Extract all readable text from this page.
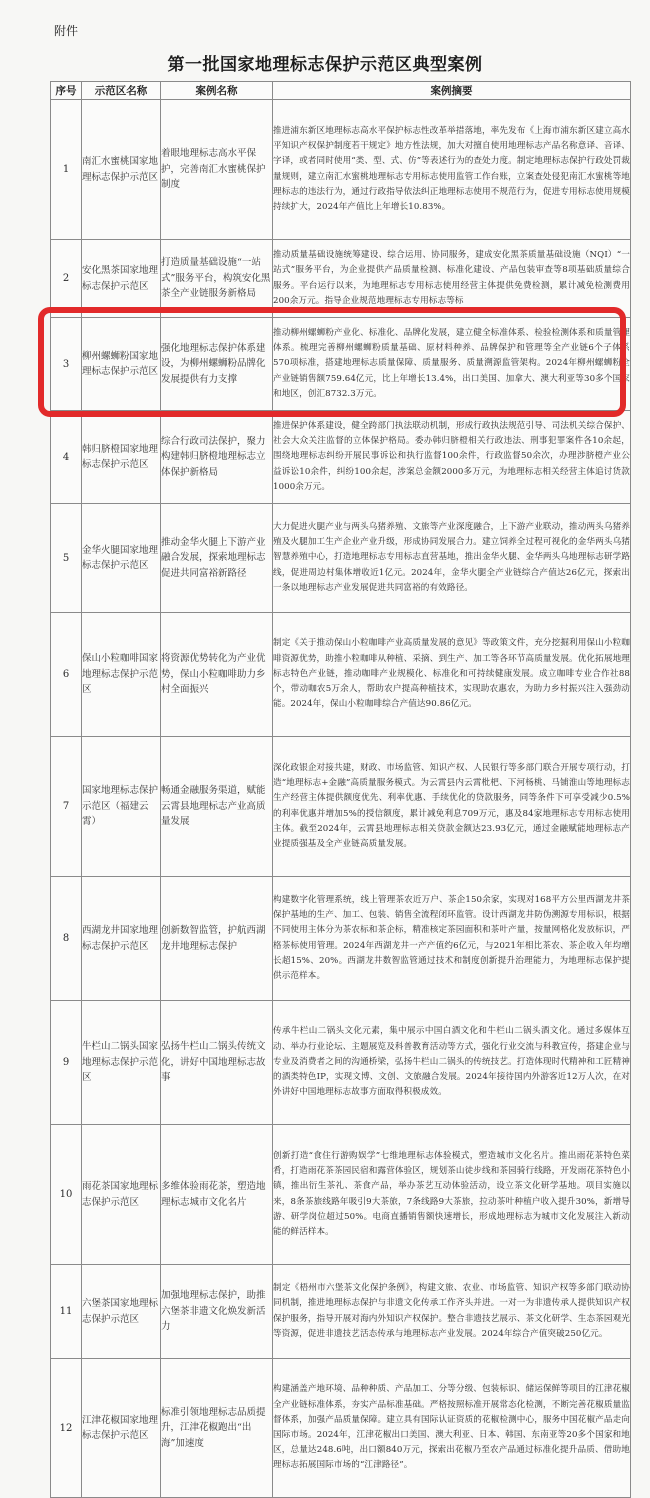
附件
第一批国家地理标志保护示范区典型案例
序号	示范区名称	案例名称	案例摘要
1	南汇水蜜桃国家地理标志保护示范区	着眼地理标志高水平保护，完善南汇水蜜桃保护制度	推进浦东新区地理标志高水平保护标志性改革举措落地，率先发布《上海市浦东新区建立高水平知识产权保护制度若干规定》地方性法规，加大对擅自使用地理标志产品名称意译、音译、字译，或者同时使用“类、型、式、仿”等表述行为的查处力度。制定地理标志保护行政处罚裁量规则，建立南汇水蜜桃地理标志专用标志使用监管工作台账，立案查处侵犯南汇水蜜桃等地理标志的违法行为，通过行政指导依法纠正地理标志使用不规范行为，促进专用标志使用规模持续扩大，2024年产值比上年增长10.83%。
2	安化黑茶国家地理标志保护示范区	打造质量基础设施“一站式”服务平台，构筑安化黑茶全产业链服务新格局	推动质量基础设施统筹建设、综合运用、协同服务，建成安化黑茶质量基础设施（NQI）“一站式”服务平台，为企业提供产品质量检测、标准化建设、产品包装审查等8项基础质量综合服务。平台运行以来，为地理标志专用标志使用经营主体提供免费检测，累计减免检测费用200余万元。指导企业规范地理标志专用标志等标
3	柳州螺蛳粉国家地理标志保护示范区	强化地理标志保护体系建设，为柳州螺蛳粉品牌化发展提供有力支撑	推动柳州螺蛳粉产业化、标准化、品牌化发展，建立健全标准体系、检验检测体系和质量管理体系。梳理完善柳州螺蛳粉质量基础、原材料种养、品牌保护和管理等全产业链6个子体系570项标准，搭建地理标志质量保障、质量服务、质量溯源监管架构。2024年柳州螺蛳粉全产业链销售额759.64亿元，比上年增长13.4%，出口美国、加拿大、澳大利亚等30多个国家和地区，创汇8732.3万元。
4	韩归脐橙国家地理标志保护示范区	综合行政司法保护，聚力构建韩归脐橙地理标志立体保护新格局	推进保护体系建设，健全跨部门执法联动机制，形成行政执法规范引导、司法机关综合保护、社会大众关注监督的立体保护格局。委办韩归脐橙相关行政违法、刑事犯罪案件各10余起，围绕地理标志纠纷开展民事诉讼和执行监督100余件，行政监督50余次，办理涉脐橙产业公益诉讼10余件，纠纷100余起，涉案总金额2000多万元，为地理标志相关经营主体追讨货款1000余万元。
5	金华火腿国家地理标志保护示范区	推动金华火腿上下游产业融合发展，探索地理标志促进共同富裕新路径	大力促进火腿产业与两头乌猪养殖、文旅等产业深度融合，上下游产业联动，推动两头乌猪养殖及火腿加工生产企业产业升级，形成协同发展合力。建立饲养全过程可视化的金华两头乌猪智慧养殖中心，打造地理标志专用标志直营基地，推出金华火腿、金华两头乌地理标志研学路线，促进周边村集体增收近1亿元。2024年，金华火腿全产业链综合产值达26亿元，探索出一条以地理标志产业发展促进共同富裕的有效路径。
6	保山小粒咖啡国家地理标志保护示范区	将资源优势转化为产业优势，保山小粒咖啡助力乡村全面振兴	制定《关于推动保山小粒咖啡产业高质量发展的意见》等政策文件，充分挖掘利用保山小粒咖啡资源优势，助推小粒咖啡从种植、采摘、到生产、加工等各环节高质量发展。优化拓展地理标志特色产业链，推动咖啡产业规模化、标准化和可持续健康发展。成立咖啡专业合作社88个，带动咖农5万余人，帮助农户提高种植技术，实现助农惠农，为助力乡村振兴注入强劲动能。2024年，保山小粒咖啡综合产值达90.86亿元。
7	国家地理标志保护示范区（福建云霄）	畅通金融服务渠道，赋能云霄县地理标志产业高质量发展	深化政银企对接共建，财政、市场监管、知识产权、人民银行等多部门联合开展专项行动，打造“地理标志+金融”高质量服务模式。为云霄县内云霄枇杷、下河杨桃、马铺淮山等地理标志生产经营主体提供额度优先、利率优惠、手续优化的贷款服务，同等条件下可享受减少0.5%的利率优惠并增加5%的授信额度，累计减免利息709万元，惠及84家地理标志专用标志使用主体。截至2024年，云霄县地理标志相关贷款金额达23.93亿元，通过金融赋能地理标志产业提质强基及全产业链高质量发展。
8	西湖龙井国家地理标志保护示范区	创新数智监管，护航西湖龙井地理标志保护	构建数字化管理系统，线上管理茶农近万户、茶企150余家，实现对168平方公里西湖龙井茶保护基地的生产、加工、包装、销售全流程闭环监管。设计西湖龙井防伪溯源专用标识，根据不同使用主体分为茶农标和茶企标，精准核定茶园面积和茶叶产量，按量网格化发放标识，严格茶标使用管理。2024年西湖龙井一产产值约6亿元，与2021年相比茶农、茶企收入年均增长超15%、20%。西湖龙井数智监管通过技术和制度创新提升治理能力，为地理标志保护提供示范样本。
9	牛栏山二锅头国家地理标志保护示范区	弘扬牛栏山二锅头传统文化，讲好中国地理标志故事	传承牛栏山二锅头文化元素，集中展示中国白酒文化和牛栏山二锅头酒文化。通过多媒体互动、举办行业论坛、主题展览及科普教育活动等方式，强化行业交流与科教宣传，搭建企业与专业及消费者之间的沟通桥梁，弘扬牛栏山二锅头的传统技艺。打造体现时代精神和工匠精神的酒类特色IP，实现文博、文创、文旅融合发展。2024年接待国内外游客近12万人次，在对外讲好中国地理标志故事方面取得积极成效。
10	雨花茶国家地理标志保护示范区	多维体验雨花茶，塑造地理标志城市文化名片	创新打造“食住行游购娱学”七维地理标志体验模式，塑造城市文化名片。推出雨花茶特色菜肴，打造雨花茶茶园民宿和露营体验区，规划茶山徒步线和茶园骑行线路，开发雨花茶特色小镇，推出衍生茶礼、茶食产品，举办茶艺互动体验活动，设立茶文化研学基地。项目实施以来，8条茶旅线路年吸引9大茶旅，7条线路9大茶旅，拉动茶叶种植户收入提升30%，新增导游、研学岗位超过50%。电商直播销售额快速增长，形成地理标志为城市文化发展注入新动能的鲜活样本。
11	六堡茶国家地理标志保护示范区	加强地理标志保护，助推六堡茶非遗文化焕发新活力	制定《梧州市六堡茶文化保护条例》，构建文旅、农业、市场监管、知识产权等多部门联动协同机制，推进地理标志保护与非遗文化传承工作齐头并进。一对一为非遗传承人提供知识产权保护服务，指导开展对海内外知识产权保护。整合非遗技艺展示、茶文化研学、生态茶园观光等资源，促进非遗技艺活态传承与地理标志产业发展。2024年综合产值突破250亿元。
12	江津花椒国家地理标志保护示范区	标准引领地理标志品质提升，江津花椒跑出“出海”加速度	构建涵盖产地环境、品种种质、产品加工、分等分级、包装标识、储运保鲜等项目的江津花椒全产业链标准体系，夯实产品标准基础。严格按照标准开展常态化检测，不断完善花椒质量监督体系，加强产品质量保障。建立具有国际认证资质的花椒检测中心，服务中国花椒产品走向国际市场。2024年，江津花椒出口美国、澳大利亚、日本、韩国、东南亚等20多个国家和地区，总量达248.6吨，出口额840万元，探索出花椒乃至农产品通过标准化提升品质、借助地理标志拓展国际市场的“江津路径”。
